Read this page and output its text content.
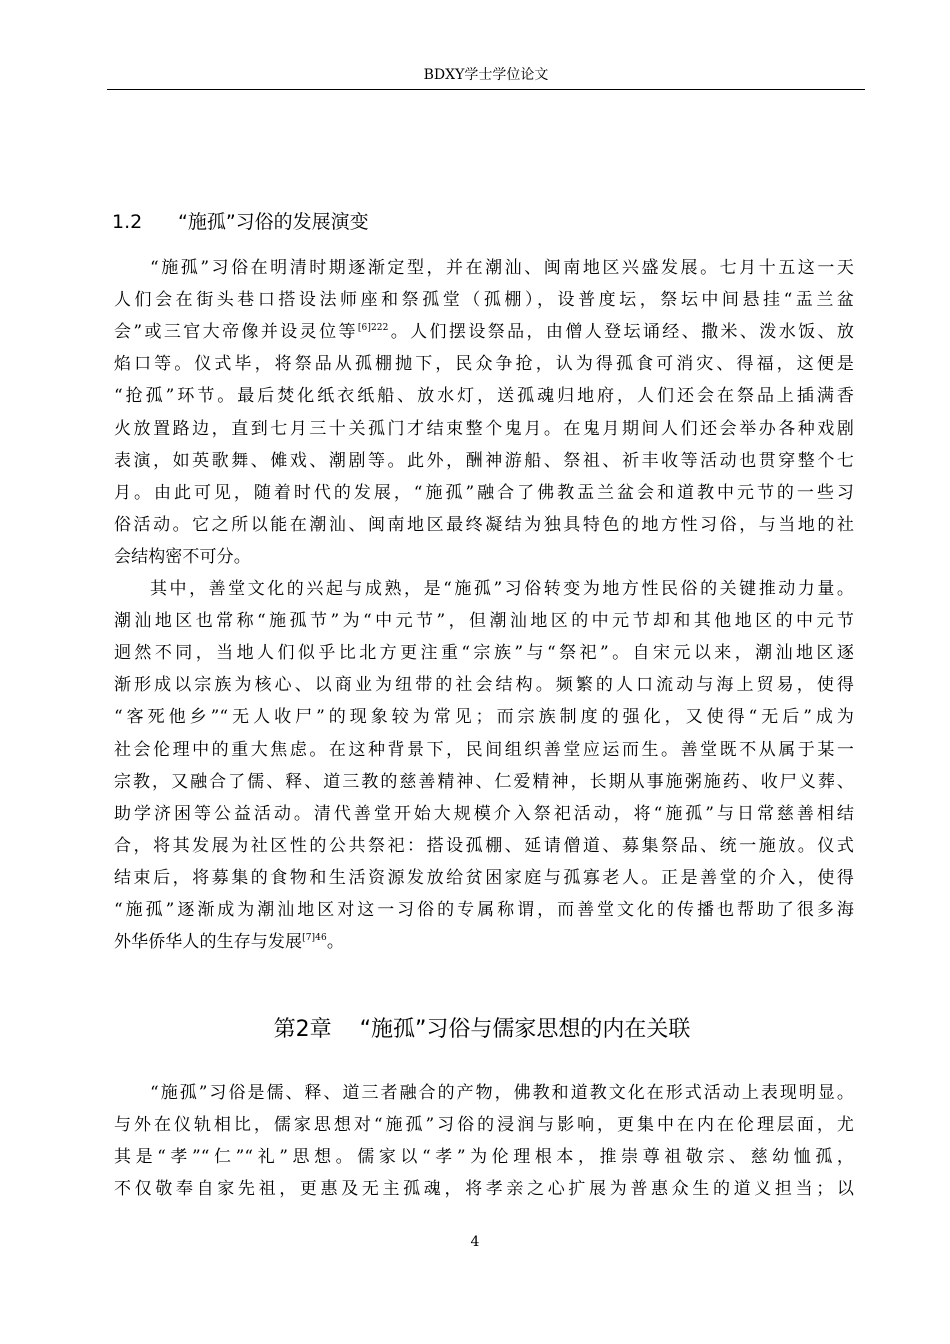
BDXY学士学位论文
1.2 “施孤”习俗的发展演变
“施孤”习俗在明清时期逐渐定型，并在潮汕、闽南地区兴盛发展。七月十五这一天
人们会在街头巷口搭设法师座和祭孤堂（孤棚），设普度坛，祭坛中间悬挂“盂兰盆
会”或三官大帝像并设灵位等$^{[6]222}$。人们摆设祭品，由僧人登坛诵经、撒米、泼水饭、放
焰口等。仪式毕，将祭品从孤棚抛下，民众争抢，认为得孤食可消灾、得福，这便是
“抢孤”环节。最后焚化纸衣纸船、放水灯，送孤魂归地府，人们还会在祭品上插满香
火放置路边，直到七月三十关孤门才结束整个鬼月。在鬼月期间人们还会举办各种戏剧
表演，如英歌舞、傩戏、潮剧等。此外，酬神游船、祭祖、祈丰收等活动也贯穿整个七
月。由此可见，随着时代的发展，“施孤”融合了佛教盂兰盆会和道教中元节的一些习
俗活动。它之所以能在潮汕、闽南地区最终凝结为独具特色的地方性习俗，与当地的社
会结构密不可分。
其中，善堂文化的兴起与成熟，是“施孤”习俗转变为地方性民俗的关键推动力量。
潮汕地区也常称“施孤节”为“中元节”，但潮汕地区的中元节却和其他地区的中元节
迥然不同，当地人们似乎比北方更注重“宗族”与“祭祀”。自宋元以来，潮汕地区逐
渐形成以宗族为核心、以商业为纽带的社会结构。频繁的人口流动与海上贸易，使得
“客死他乡”“无人收尸”的现象较为常见；而宗族制度的强化，又使得“无后”成为
社会伦理中的重大焦虑。在这种背景下，民间组织善堂应运而生。善堂既不从属于某一
宗教，又融合了儒、释、道三教的慈善精神、仁爱精神，长期从事施粥施药、收尸义葬、
助学济困等公益活动。清代善堂开始大规模介入祭祀活动，将“施孤”与日常慈善相结
合，将其发展为社区性的公共祭祀：搭设孤棚、延请僧道、募集祭品、统一施放。仪式
结束后，将募集的食物和生活资源发放给贫困家庭与孤寡老人。正是善堂的介入，使得
“施孤”逐渐成为潮汕地区对这一习俗的专属称谓，而善堂文化的传播也帮助了很多海
外华侨华人的生存与发展$^{[7]46}$。
第2章 “施孤”习俗与儒家思想的内在关联
“施孤”习俗是儒、释、道三者融合的产物，佛教和道教文化在形式活动上表现明显。
与外在仪轨相比，儒家思想对“施孤”习俗的浸润与影响，更集中在内在伦理层面，尤
其是“孝”“仁”“礼”思想。儒家以“孝”为伦理根本，推崇尊祖敬宗、慈幼恤孤，
不仅敬奉自家先祖，更惠及无主孤魂，将孝亲之心扩展为普惠众生的道义担当；以
4
